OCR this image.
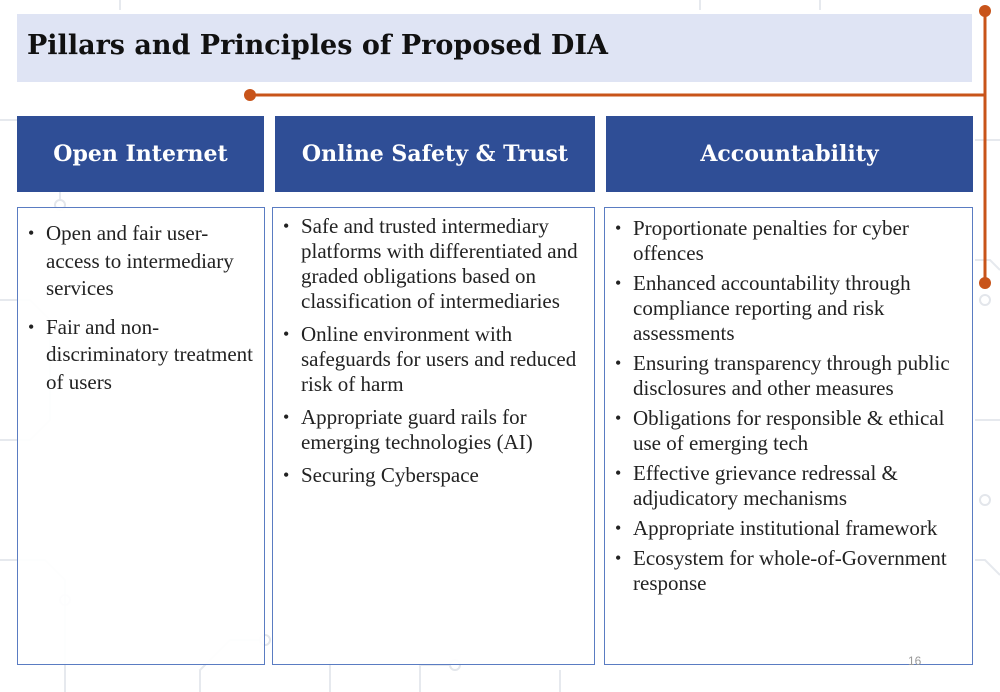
Pillars and Principles of Proposed DIA
Open Internet	Online Safety & Trust	Accountability
• Open and fair user-access to intermediary services
• Fair and non-discriminatory treatment of users
• Safe and trusted intermediary platforms with differentiated and graded obligations based on classification of intermediaries
• Online environment with safeguards for users and reduced risk of harm
• Appropriate guard rails for emerging technologies (AI)
• Securing Cyberspace
• Proportionate penalties for cyber offences
• Enhanced accountability through compliance reporting and risk assessments
• Ensuring transparency through public disclosures and other measures
• Obligations for responsible & ethical use of emerging tech
• Effective grievance redressal & adjudicatory mechanisms
• Appropriate institutional framework
• Ecosystem for whole-of-Government response
16
